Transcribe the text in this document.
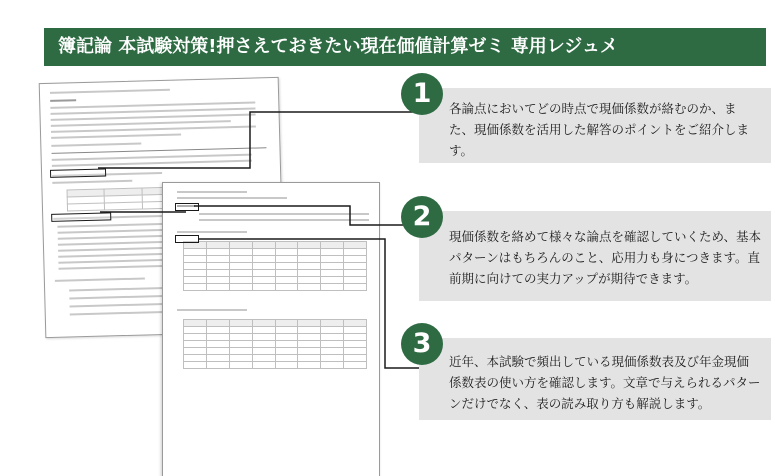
簿記論 本試験対策!押さえておきたい現在価値計算ゼミ 専用レジュメ

各論点においてどの時点で現価係数が絡むのか、また、現価係数を活用した解答のポイントをご紹介します。
現価係数を絡めて様々な論点を確認していくため、基本パターンはもちろんのこと、応用力も身につきます。直前期に向けての実力アップが期待できます。
近年、本試験で頻出している現価係数表及び年金現価係数表の使い方を確認します。文章で与えられるパターンだけでなく、表の読み取り方も解説します。
1
2
3
